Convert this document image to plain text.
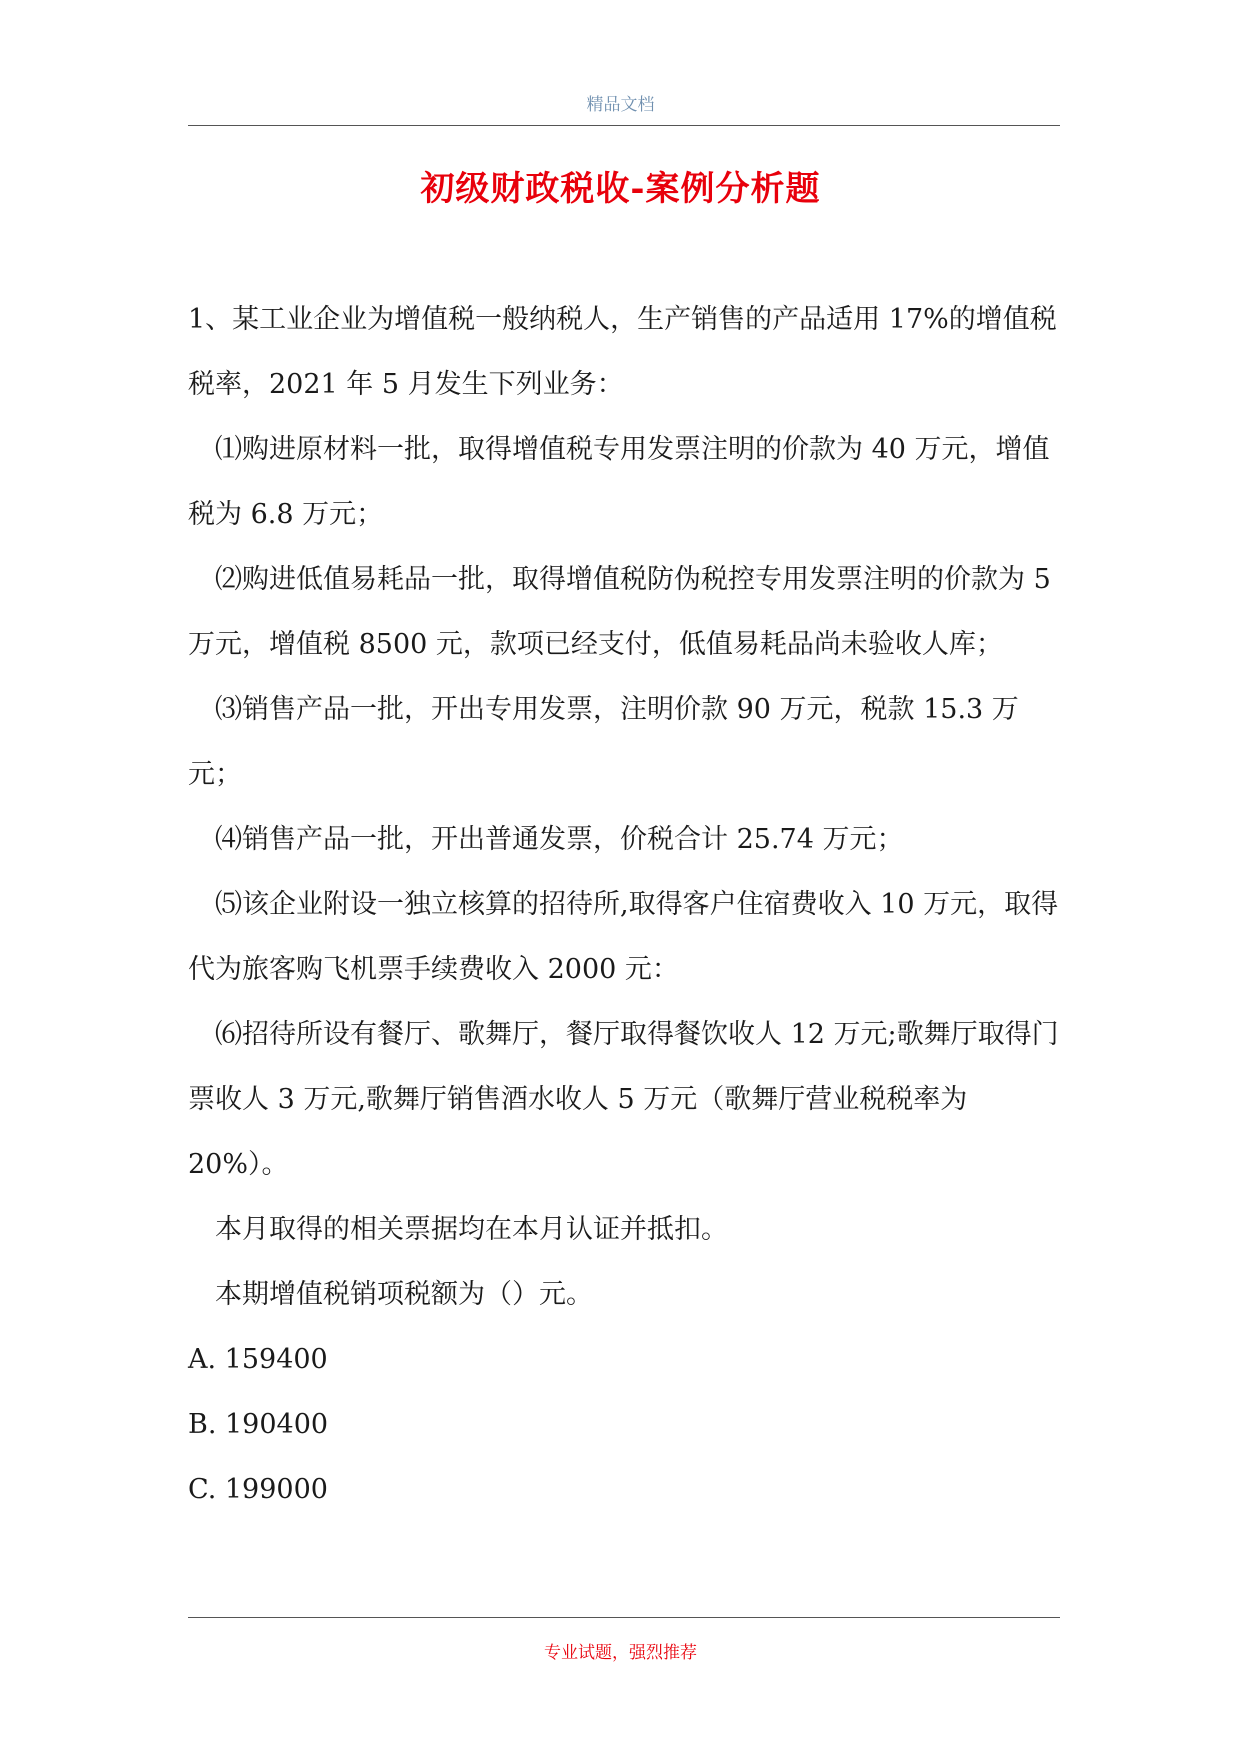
精品文档
初级财政税收-案例分析题

1、某工业企业为增值税一般纳税人，生产销售的产品适用 17%的增值税税率，2021 年 5 月发生下列业务：

⑴购进原材料一批，取得增值税专用发票注明的价款为 40 万元，增值税为 6.8 万元；

⑵购进低值易耗品一批，取得增值税防伪税控专用发票注明的价款为 5 万元，增值税 8500 元，款项已经支付，低值易耗品尚未验收人库；

⑶销售产品一批，开出专用发票，注明价款 90 万元，税款 15.3 万元；

⑷销售产品一批，开出普通发票，价税合计 25.74 万元；

⑸该企业附设一独立核算的招待所,取得客户住宿费收入 10 万元，取得代为旅客购飞机票手续费收入 2000 元：

⑹招待所设有餐厅、歌舞厅，餐厅取得餐饮收人 12 万元;歌舞厅取得门票收人 3 万元,歌舞厅销售酒水收人 5 万元（歌舞厅营业税税率为 20%）。

本月取得的相关票据均在本月认证并抵扣。

本期增值税销项税额为（）元。

A. 159400

B. 190400

C. 199000

专业试题，强烈推荐
